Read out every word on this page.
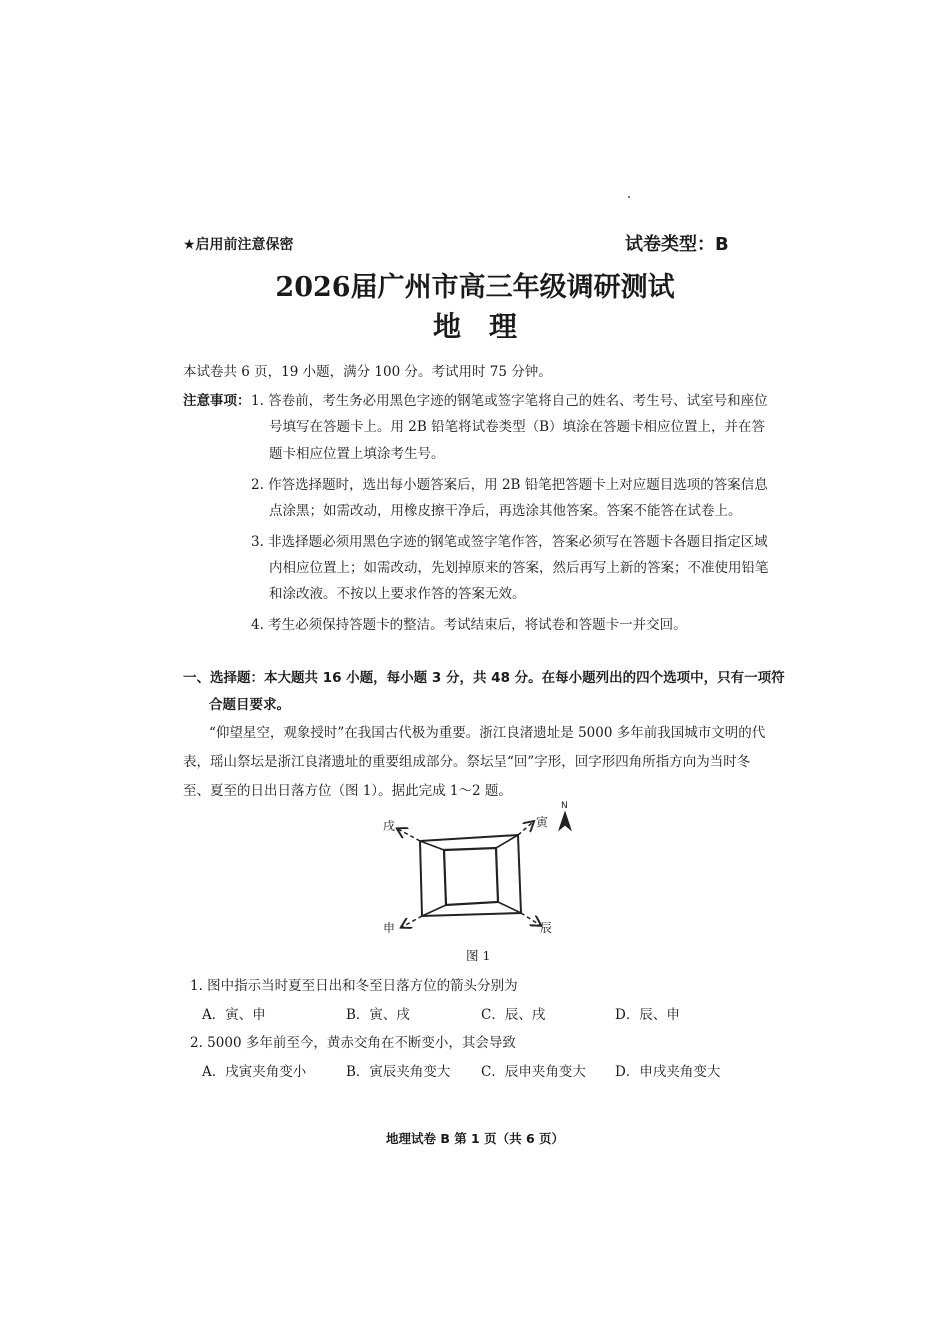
★启用前注意保密	试卷类型：B
2026届广州市高三年级调研测试
地理
本试卷共 6 页，19 小题，满分 100 分。考试用时 75 分钟。
注意事项： 1. 答卷前，考生务必用黑色字迹的钢笔或签字笔将自己的姓名、考生号、试室号和座位
号填写在答题卡上。用 2B 铅笔将试卷类型（B）填涂在答题卡相应位置上，并在答
题卡相应位置上填涂考生号。
2. 作答选择题时，选出每小题答案后，用 2B 铅笔把答题卡上对应题目选项的答案信息
点涂黑；如需改动，用橡皮擦干净后，再选涂其他答案。答案不能答在试卷上。
3. 非选择题必须用黑色字迹的钢笔或签字笔作答，答案必须写在答题卡各题目指定区域
内相应位置上；如需改动，先划掉原来的答案，然后再写上新的答案；不准使用铅笔
和涂改液。不按以上要求作答的答案无效。
4. 考生必须保持答题卡的整洁。考试结束后，将试卷和答题卡一并交回。
一、选择题：本大题共 16 小题，每小题 3 分，共 48 分。在每小题列出的四个选项中，只有一项符
合题目要求。
“仰望星空，观象授时”在我国古代极为重要。浙江良渚遗址是 5000 多年前我国城市文明的代
表，瑶山祭坛是浙江良渚遗址的重要组成部分。祭坛呈“回”字形，回字形四角所指方向为当时冬
至、夏至的日出日落方位（图 1）。据此完成 1～2 题。
戌	寅
申	辰
N
图 1
1. 图中指示当时夏至日出和冬至日落方位的箭头分别为
A．寅、申	B．寅、戌	C．辰、戌	D．辰、申
2. 5000 多年前至今，黄赤交角在不断变小，其会导致
A．戌寅夹角变小	B．寅辰夹角变大 C．辰申夹角变大 D．申戌夹角变大
地理试卷 B 第 1 页（共 6 页）
